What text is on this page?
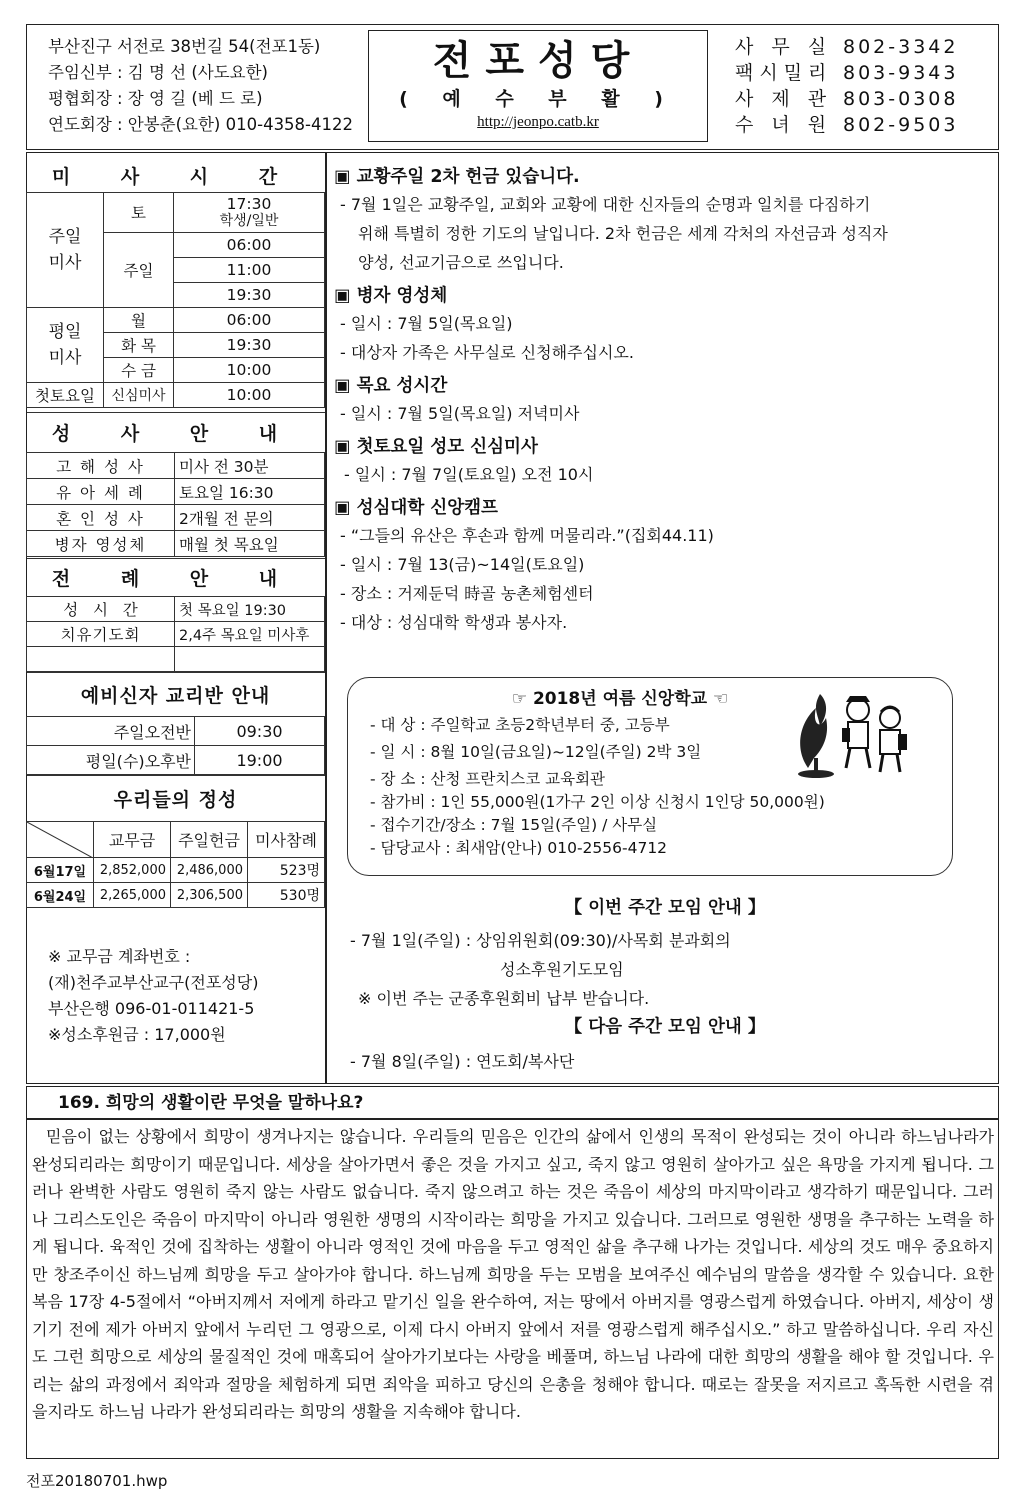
부산진구 서전로 38번길 54(전포1동)
주임신부 : 김 명 선 (사도요한)
평협회장 : 장 영 길 (베 드 로)
연도회장 : 안봉춘(요한) 010-4358-4122
전포성당
( 예 수 부 활 )
http://jeonpo.catb.kr
사 무 실 802-3342
팩시밀리 803-9343
사 제 관 803-0308
수 녀 원 802-9503
미 사 시 간		
주일
미사	토	17:30
학생/일반
	주일	06:00
		11:00
		19:30
평일
미사	월	06:00
	화 목	19:30
	수 금	10:00
첫토요일	신심미사	10:00
성 사 안 내	
고 해 성 사	미사 전 30분
유 아 세 례	토요일 16:30
혼 인 성 사	2개월 전 문의
병자 영성체	매월 첫 목요일
전 례 안 내	
성   시   간	첫 목요일 19:30
치유기도회	2,4주 목요일 미사후

예비신자 교리반 안내	
주일오전반	09:30
평일(수)오후반	19:00
우리들의 정성			

	교무금	주일헌금	미사참례
6월17일	2,852,000	2,486,000	523명
6월24일	2,265,000	2,306,500	530명
※ 교무금 계좌번호 :
(재)천주교부산교구(전포성당)
부산은행 096-01-011421-5
※성소후원금 : 17,000원
▣ 교황주일 2차 헌금 있습니다.
- 7월 1일은 교황주일, 교회와 교황에 대한 신자들의 순명과 일치를 다짐하기
위해 특별히 정한 기도의 날입니다. 2차 헌금은 세계 각처의 자선금과 성직자
양성, 선교기금으로 쓰입니다.
▣ 병자 영성체
- 일시 : 7월 5일(목요일)
- 대상자 가족은 사무실로 신청해주십시오.
▣ 목요 성시간
- 일시 : 7월 5일(목요일) 저녁미사
▣ 첫토요일 성모 신심미사
- 일시 : 7월 7일(토요일) 오전 10시
▣ 성심대학 신앙캠프
- “그들의 유산은 후손과 함께 머물리라.”(집회44.11)
- 일시 : 7월 13(금)~14일(토요일)
- 장소 : 거제둔덕 時골 농촌체험센터
- 대상 : 성심대학 학생과 봉사자.
☞ 2018년 여름 신앙학교 ☜
- 대 상 : 주일학교 초등2학년부터 중, 고등부
- 일 시 : 8월 10일(금요일)~12일(주일) 2박 3일
- 장 소 : 산청 프란치스코 교육회관
- 참가비 : 1인 55,000원(1가구 2인 이상 신청시 1인당 50,000원)
- 접수기간/장소 : 7월 15일(주일) / 사무실
- 담당교사 : 최새암(안나) 010-2556-4712
【 이번 주간 모임 안내 】
- 7월 1일(주일) : 상임위원회(09:30)/사목회 분과회의
성소후원기도모임
※ 이번 주는 군종후원회비 납부 받습니다.
【 다음 주간 모임 안내 】
- 7월 8일(주일) : 연도회/복사단
169. 희망의 생활이란 무엇을 말하나요?
믿음이 없는 상황에서 희망이 생겨나지는 않습니다. 우리들의 믿음은 인간의 삶에서 인생의 목적이 완성되는 것이 아니라 하느님나라가 완성되리라는 희망이기 때문입니다. 세상을 살아가면서 좋은 것을 가지고 싶고, 죽지 않고 영원히 살아가고 싶은 욕망을 가지게 됩니다. 그러나 완벽한 사람도 영원히 죽지 않는 사람도 없습니다. 죽지 않으려고 하는 것은 죽음이 세상의 마지막이라고 생각하기 때문입니다. 그러나 그리스도인은 죽음이 마지막이 아니라 영원한 생명의 시작이라는 희망을 가지고 있습니다. 그러므로 영원한 생명을 추구하는 노력을 하게 됩니다. 육적인 것에 집착하는 생활이 아니라 영적인 것에 마음을 두고 영적인 삶을 추구해 나가는 것입니다. 세상의 것도 매우 중요하지만 창조주이신 하느님께 희망을 두고 살아가야 합니다. 하느님께 희망을 두는 모범을 보여주신 예수님의 말씀을 생각할 수 있습니다. 요한복음 17장 4-5절에서 “아버지께서 저에게 하라고 맡기신 일을 완수하여, 저는 땅에서 아버지를 영광스럽게 하였습니다. 아버지, 세상이 생기기 전에 제가 아버지 앞에서 누리던 그 영광으로, 이제 다시 아버지 앞에서 저를 영광스럽게 해주십시오.” 하고 말씀하십니다. 우리 자신도 그런 희망으로 세상의 물질적인 것에 매혹되어 살아가기보다는 사랑을 베풀며, 하느님 나라에 대한 희망의 생활을 해야 할 것입니다. 우리는 삶의 과정에서 죄악과 절망을 체험하게 되면 죄악을 피하고 당신의 은총을 청해야 합니다. 때로는 잘못을 저지르고 혹독한 시련을 겪을지라도 하느님 나라가 완성되리라는 희망의 생활을 지속해야 합니다.
전포20180701.hwp
